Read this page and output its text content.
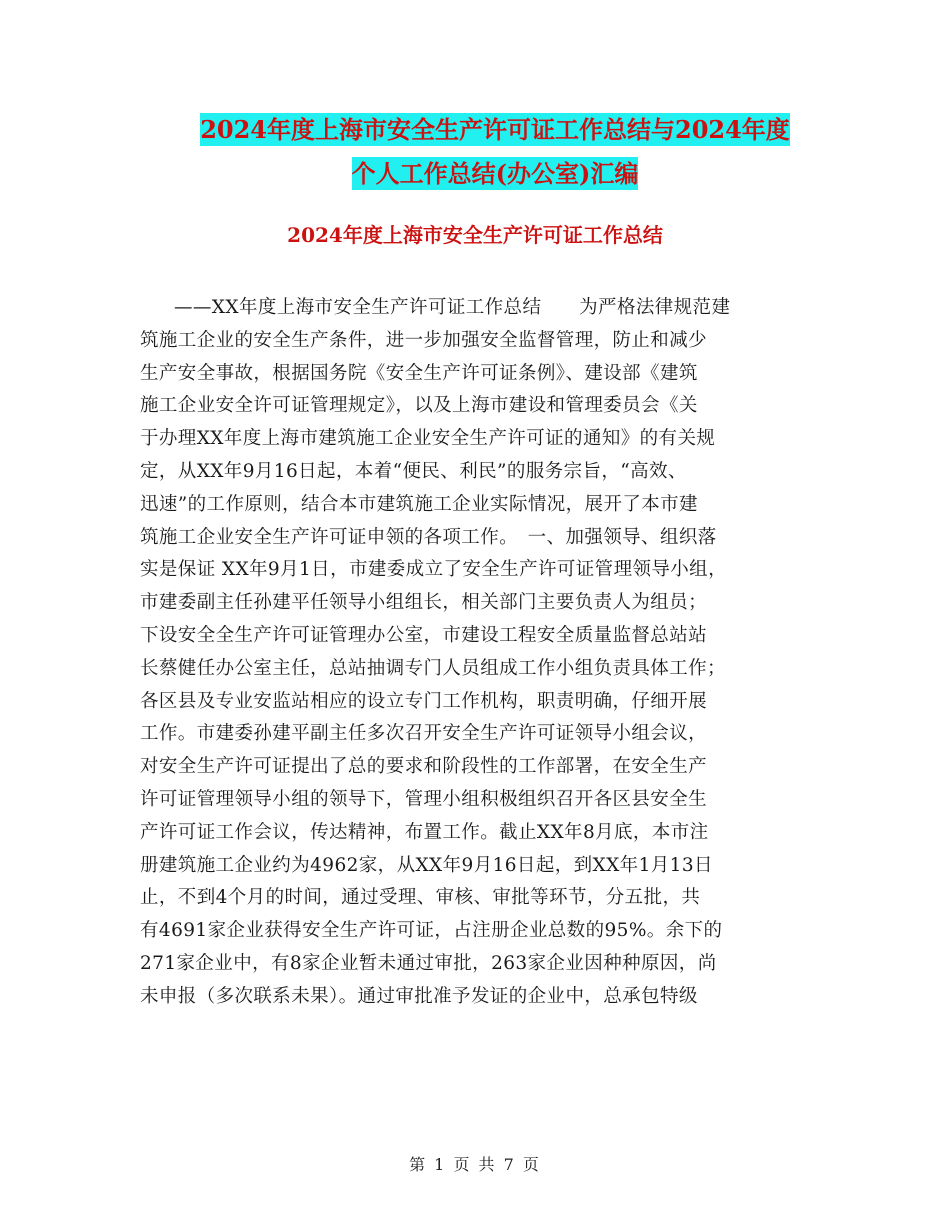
2024年度上海市安全生产许可证工作总结与2024年度
个人工作总结(办公室)汇编
2024年度上海市安全生产许可证工作总结
——XX年度上海市安全生产许可证工作总结　　为严格法律规范建
筑施工企业的安全生产条件，进一步加强安全监督管理，防止和减少
生产安全事故，根据国务院《安全生产许可证条例》、建设部《建筑
施工企业安全许可证管理规定》，以及上海市建设和管理委员会《关
于办理XX年度上海市建筑施工企业安全生产许可证的通知》的有关规
定，从XX年9月16日起，本着“便民、利民”的服务宗旨，“高效、
迅速”的工作原则，结合本市建筑施工企业实际情况，展开了本市建
筑施工企业安全生产许可证申领的各项工作。　一、加强领导、组织落
实是保证 XX年9月1日，市建委成立了安全生产许可证管理领导小组，
市建委副主任孙建平任领导小组组长，相关部门主要负责人为组员；
下设安全全生产许可证管理办公室，市建设工程安全质量监督总站站
长蔡健任办公室主任，总站抽调专门人员组成工作小组负责具体工作；
各区县及专业安监站相应的设立专门工作机构，职责明确，仔细开展
工作。市建委孙建平副主任多次召开安全生产许可证领导小组会议，
对安全生产许可证提出了总的要求和阶段性的工作部署，在安全生产
许可证管理领导小组的领导下，管理小组积极组织召开各区县安全生
产许可证工作会议，传达精神，布置工作。截止XX年8月底，本市注
册建筑施工企业约为4962家，从XX年9月16日起，到XX年1月13日
止，不到4个月的时间，通过受理、审核、审批等环节，分五批，共
有4691家企业获得安全生产许可证，占注册企业总数的95%。余下的
271家企业中，有8家企业暂未通过审批，263家企业因种种原因，尚
未申报（多次联系未果）。通过审批准予发证的企业中，总承包特级
第 1 页 共 7 页
